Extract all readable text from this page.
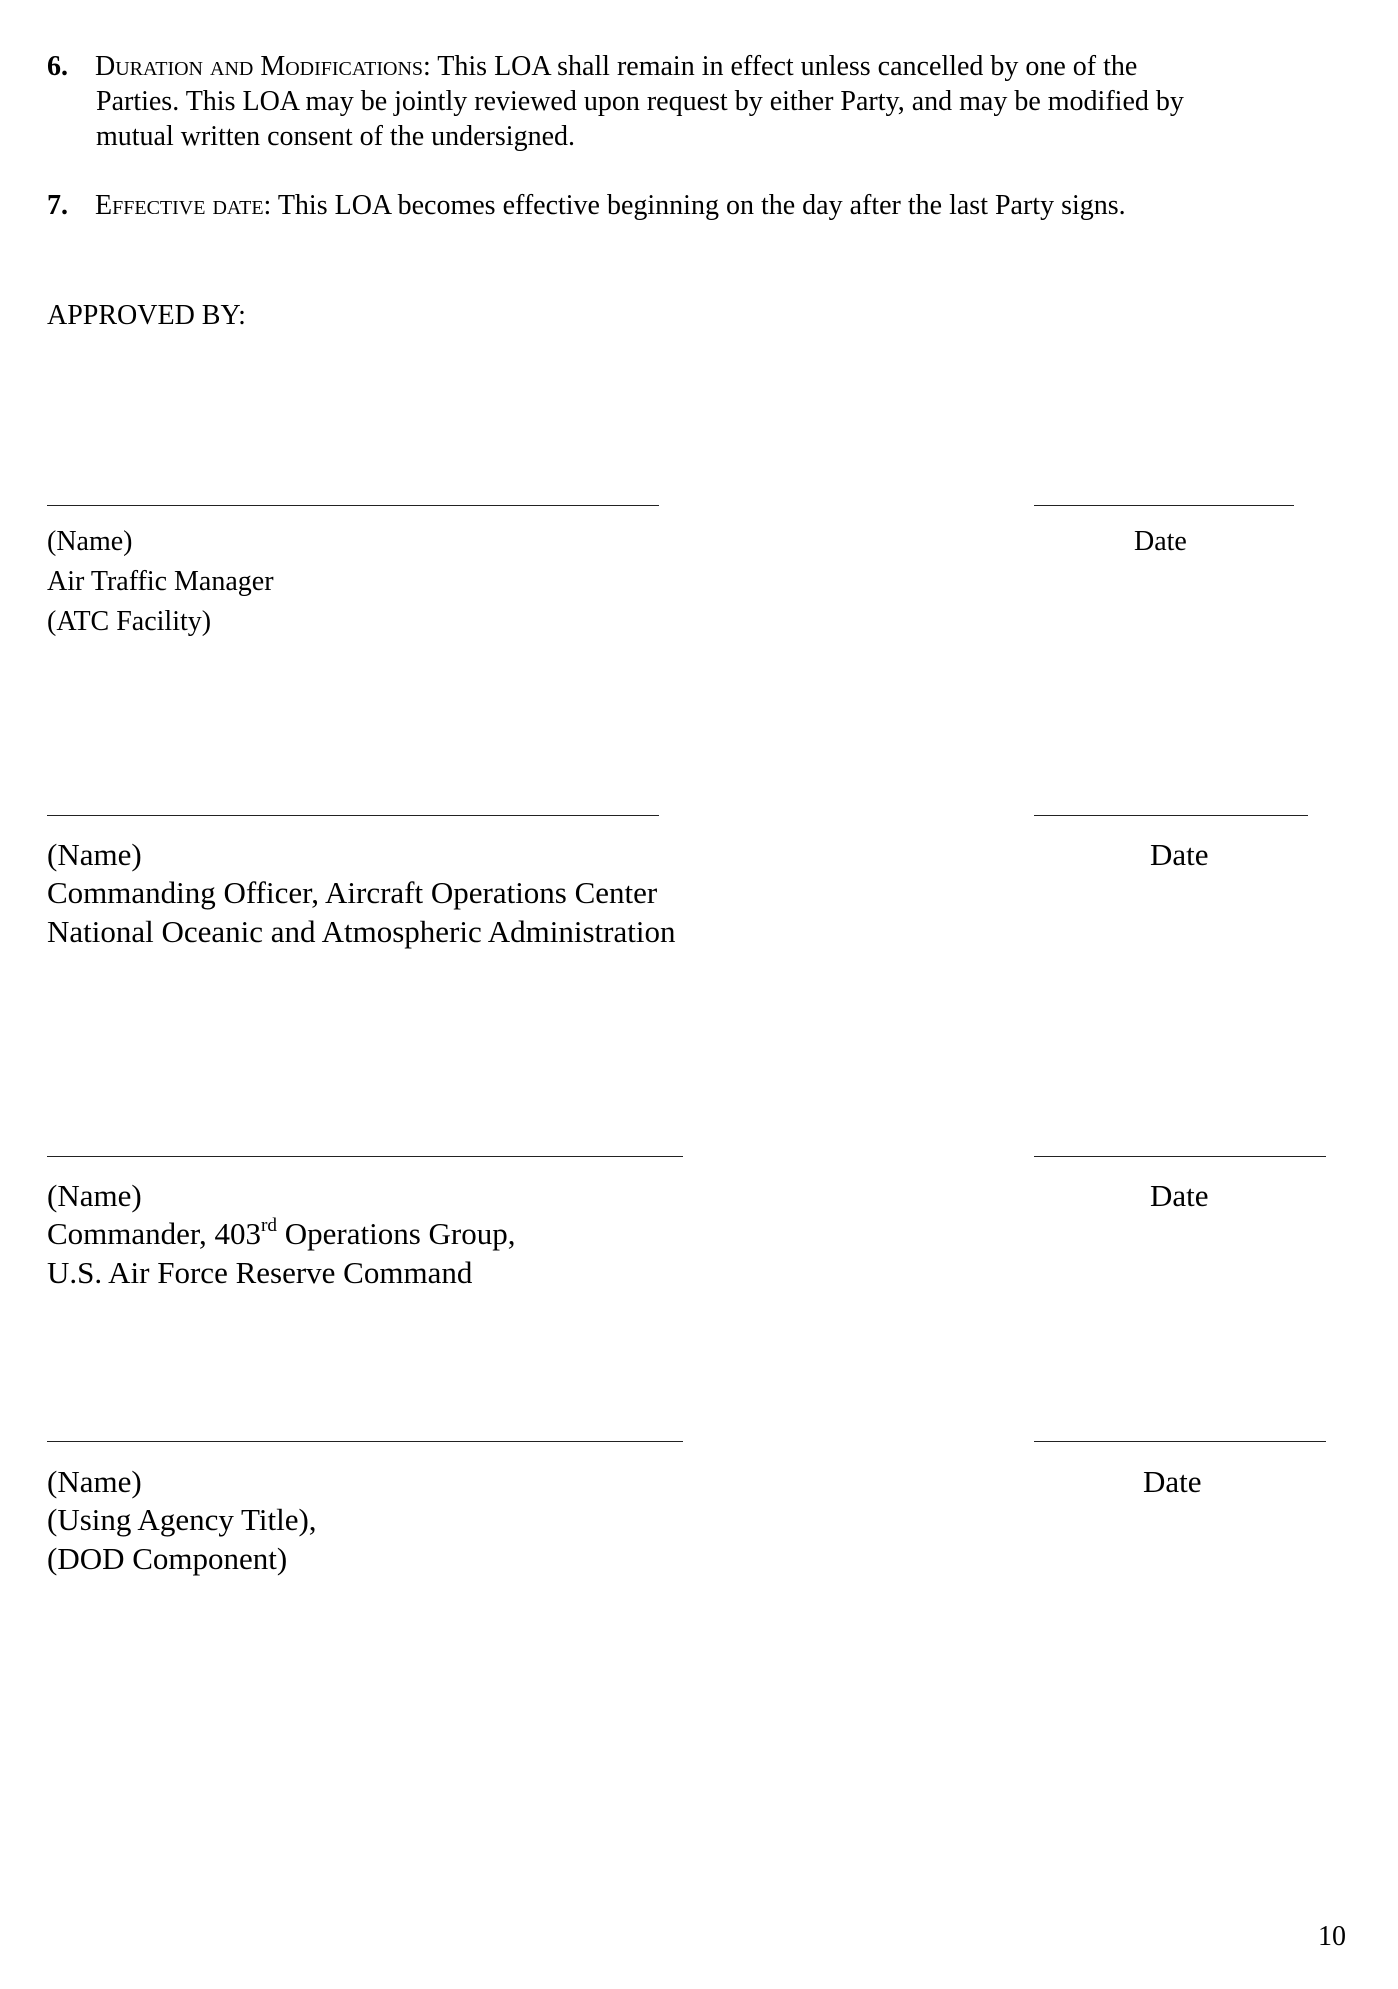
6. Duration and Modifications: This LOA shall remain in effect unless cancelled by one of the
Parties. This LOA may be jointly reviewed upon request by either Party, and may be modified by
mutual written consent of the undersigned.
7. Effective date: This LOA becomes effective beginning on the day after the last Party signs.
APPROVED BY:
(Name)	Date
Air Traffic Manager
(ATC Facility)
(Name)	Date
Commanding Officer, Aircraft Operations Center
National Oceanic and Atmospheric Administration
(Name)	Date
Commander, 403rd Operations Group,
U.S. Air Force Reserve Command
(Name)	Date
(Using Agency Title),
(DOD Component)
10
